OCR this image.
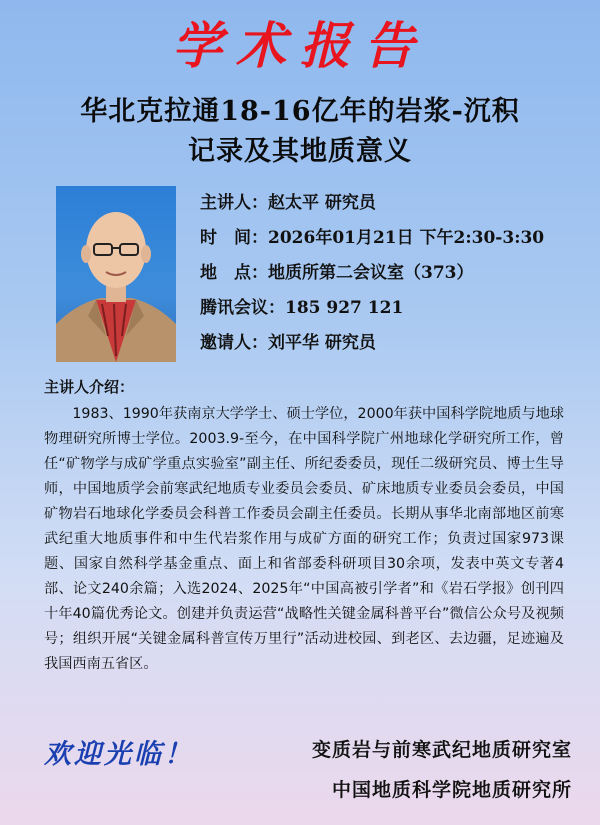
学术报告
华北克拉通18-16亿年的岩浆-沉积
记录及其地质意义
主讲人：赵太平 研究员
时　间：2026年01月21日 下午2:30-3:30
地　点：地质所第二会议室（373）
腾讯会议：185 927 121
邀请人：刘平华 研究员
主讲人介绍：

1983、1990年获南京大学学士、硕士学位，2000年获中国科学院地质与地球物理研究所博士学位。2003.9-至今，在中国科学院广州地球化学研究所工作，曾任“矿物学与成矿学重点实验室”副主任、所纪委委员，现任二级研究员、博士生导师，中国地质学会前寒武纪地质专业委员会委员、矿床地质专业委员会委员，中国矿物岩石地球化学委员会科普工作委员会副主任委员。长期从事华北南部地区前寒武纪重大地质事件和中生代岩浆作用与成矿方面的研究工作；负责过国家973课题、国家自然科学基金重点、面上和省部委科研项目30余项，发表中英文专著4部、论文240余篇；入选2024、2025年“中国高被引学者”和《岩石学报》创刊四十年40篇优秀论文。创建并负责运营“战略性关键金属科普平台”微信公众号及视频号；组织开展“关键金属科普宣传万里行”活动进校园、到老区、去边疆，足迹遍及我国西南五省区。

欢迎光临！	变质岩与前寒武纪地质研究室
中国地质科学院地质研究所
